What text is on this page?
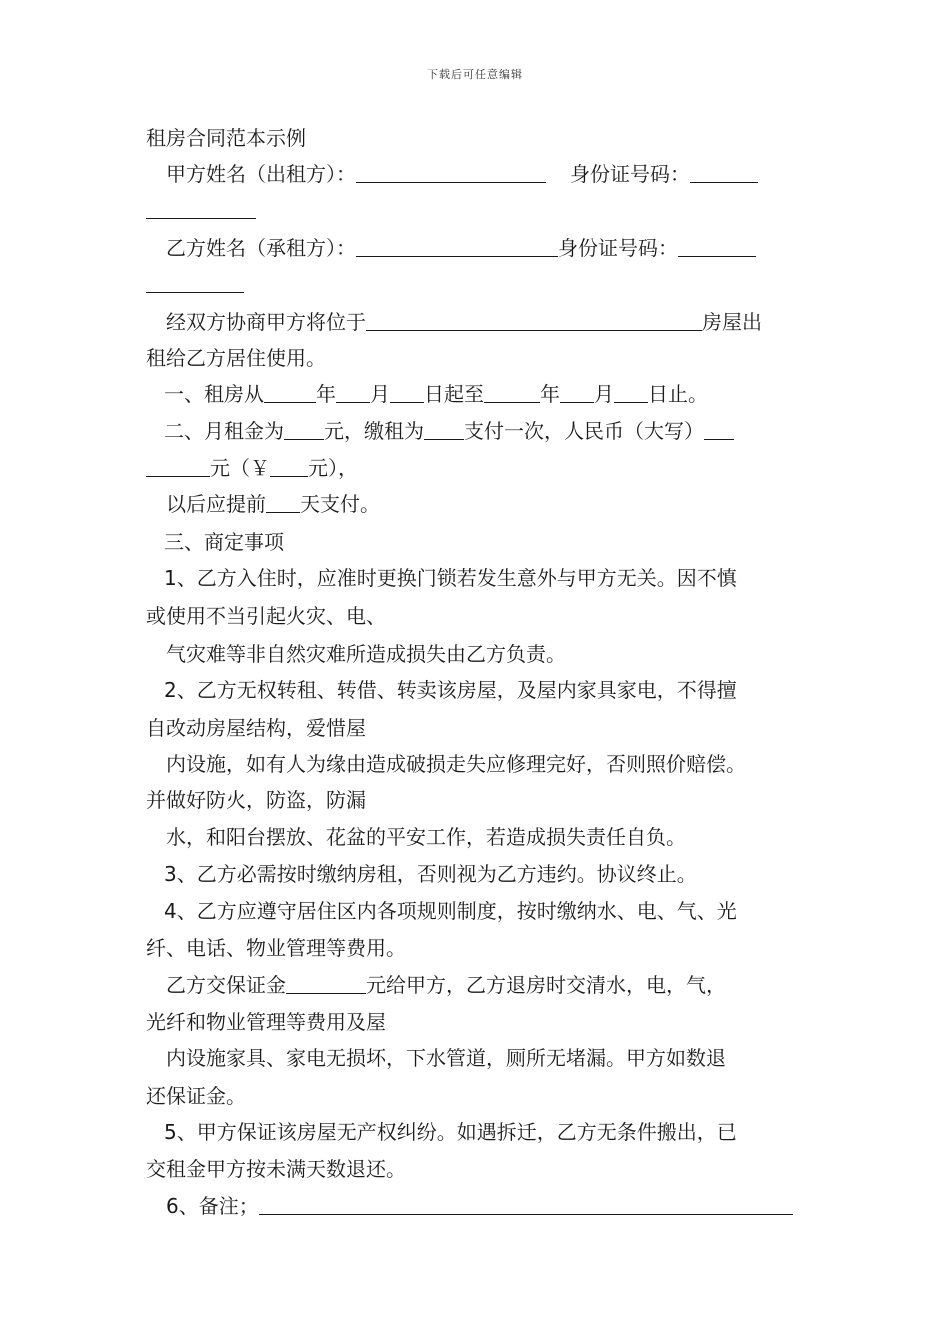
下载后可任意编辑
租房合同范本示例
甲方姓名（出租方）：	身份证号码：
乙方姓名（承租方）：	身份证号码：
经双方协商甲方将位于	房屋出
租给乙方居住使用。
一、租房从	年 月 日起至	年 月 日止。
二、月租金为 元，缴租为 支付一次，人民币（大写）
元（￥ 元），
以后应提前 天支付。
三、商定事项
1、乙方入住时，应准时更换门锁若发生意外与甲方无关。因不慎
或使用不当引起火灾、电、
气灾难等非自然灾难所造成损失由乙方负责。
2、乙方无权转租、转借、转卖该房屋，及屋内家具家电，不得擅
自改动房屋结构，爱惜屋
内设施，如有人为缘由造成破损走失应修理完好，否则照价赔偿。
并做好防火，防盗，防漏
水，和阳台摆放、花盆的平安工作，若造成损失责任自负。
3、乙方必需按时缴纳房租，否则视为乙方违约。协议终止。
4、乙方应遵守居住区内各项规则制度，按时缴纳水、电、气、光
纤、电话、物业管理等费用。
乙方交保证金	元给甲方，乙方退房时交清水，电，气，
光纤和物业管理等费用及屋
内设施家具、家电无损坏，下水管道，厕所无堵漏。甲方如数退
还保证金。
5、甲方保证该房屋无产权纠纷。如遇拆迁，乙方无条件搬出，已
交租金甲方按未满天数退还。
6、备注；
